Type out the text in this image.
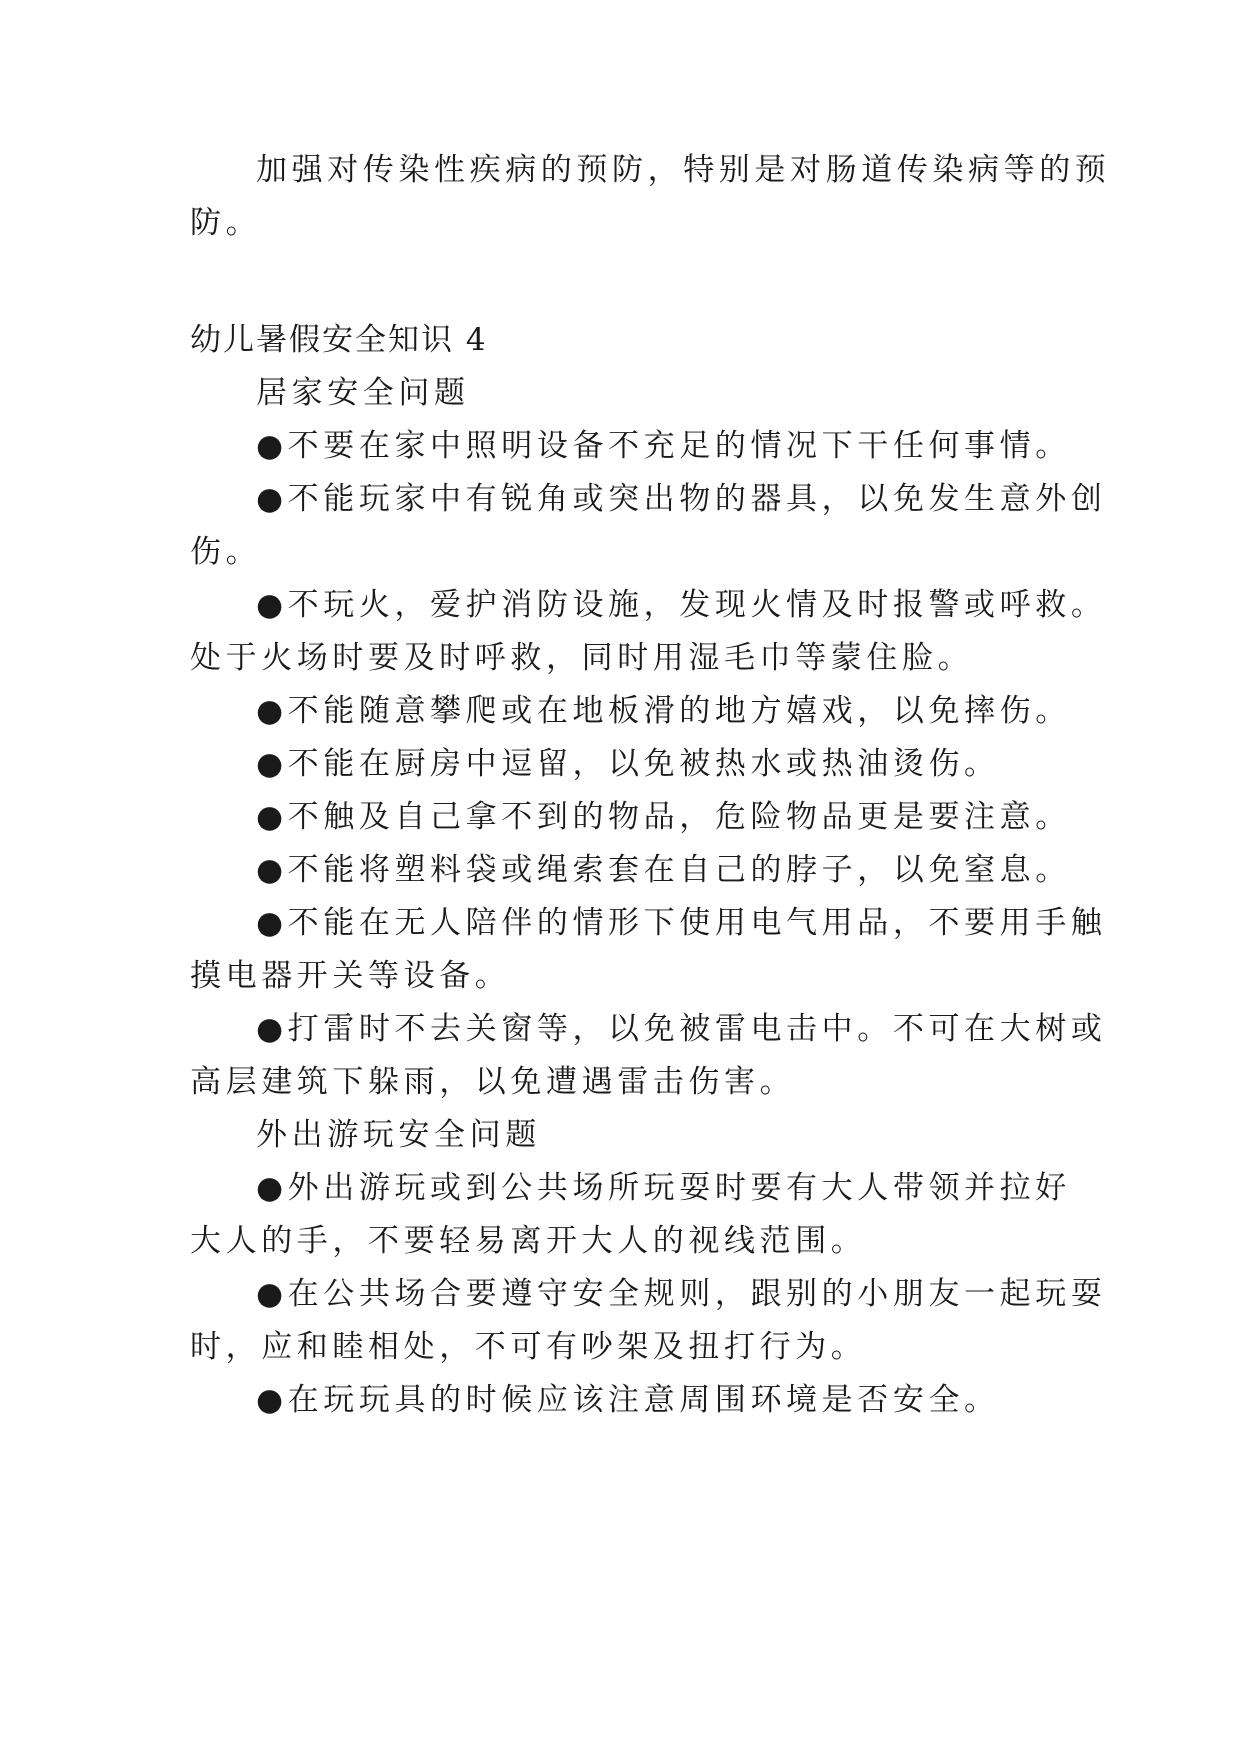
加强对传染性疾病的预防，特别是对肠道传染病等的预

防。

幼儿暑假安全知识 4

居家安全问题

●不要在家中照明设备不充足的情况下干任何事情。

●不能玩家中有锐角或突出物的器具，以免发生意外创

伤。

●不玩火，爱护消防设施，发现火情及时报警或呼救。

处于火场时要及时呼救，同时用湿毛巾等蒙住脸。

●不能随意攀爬或在地板滑的地方嬉戏，以免摔伤。

●不能在厨房中逗留，以免被热水或热油烫伤。

●不触及自己拿不到的物品，危险物品更是要注意。

●不能将塑料袋或绳索套在自己的脖子，以免窒息。

●不能在无人陪伴的情形下使用电气用品，不要用手触

摸电器开关等设备。

●打雷时不去关窗等，以免被雷电击中。不可在大树或

高层建筑下躲雨，以免遭遇雷击伤害。

外出游玩安全问题

●外出游玩或到公共场所玩耍时要有大人带领并拉好

大人的手，不要轻易离开大人的视线范围。

●在公共场合要遵守安全规则，跟别的小朋友一起玩耍

时，应和睦相处，不可有吵架及扭打行为。

●在玩玩具的时候应该注意周围环境是否安全。
